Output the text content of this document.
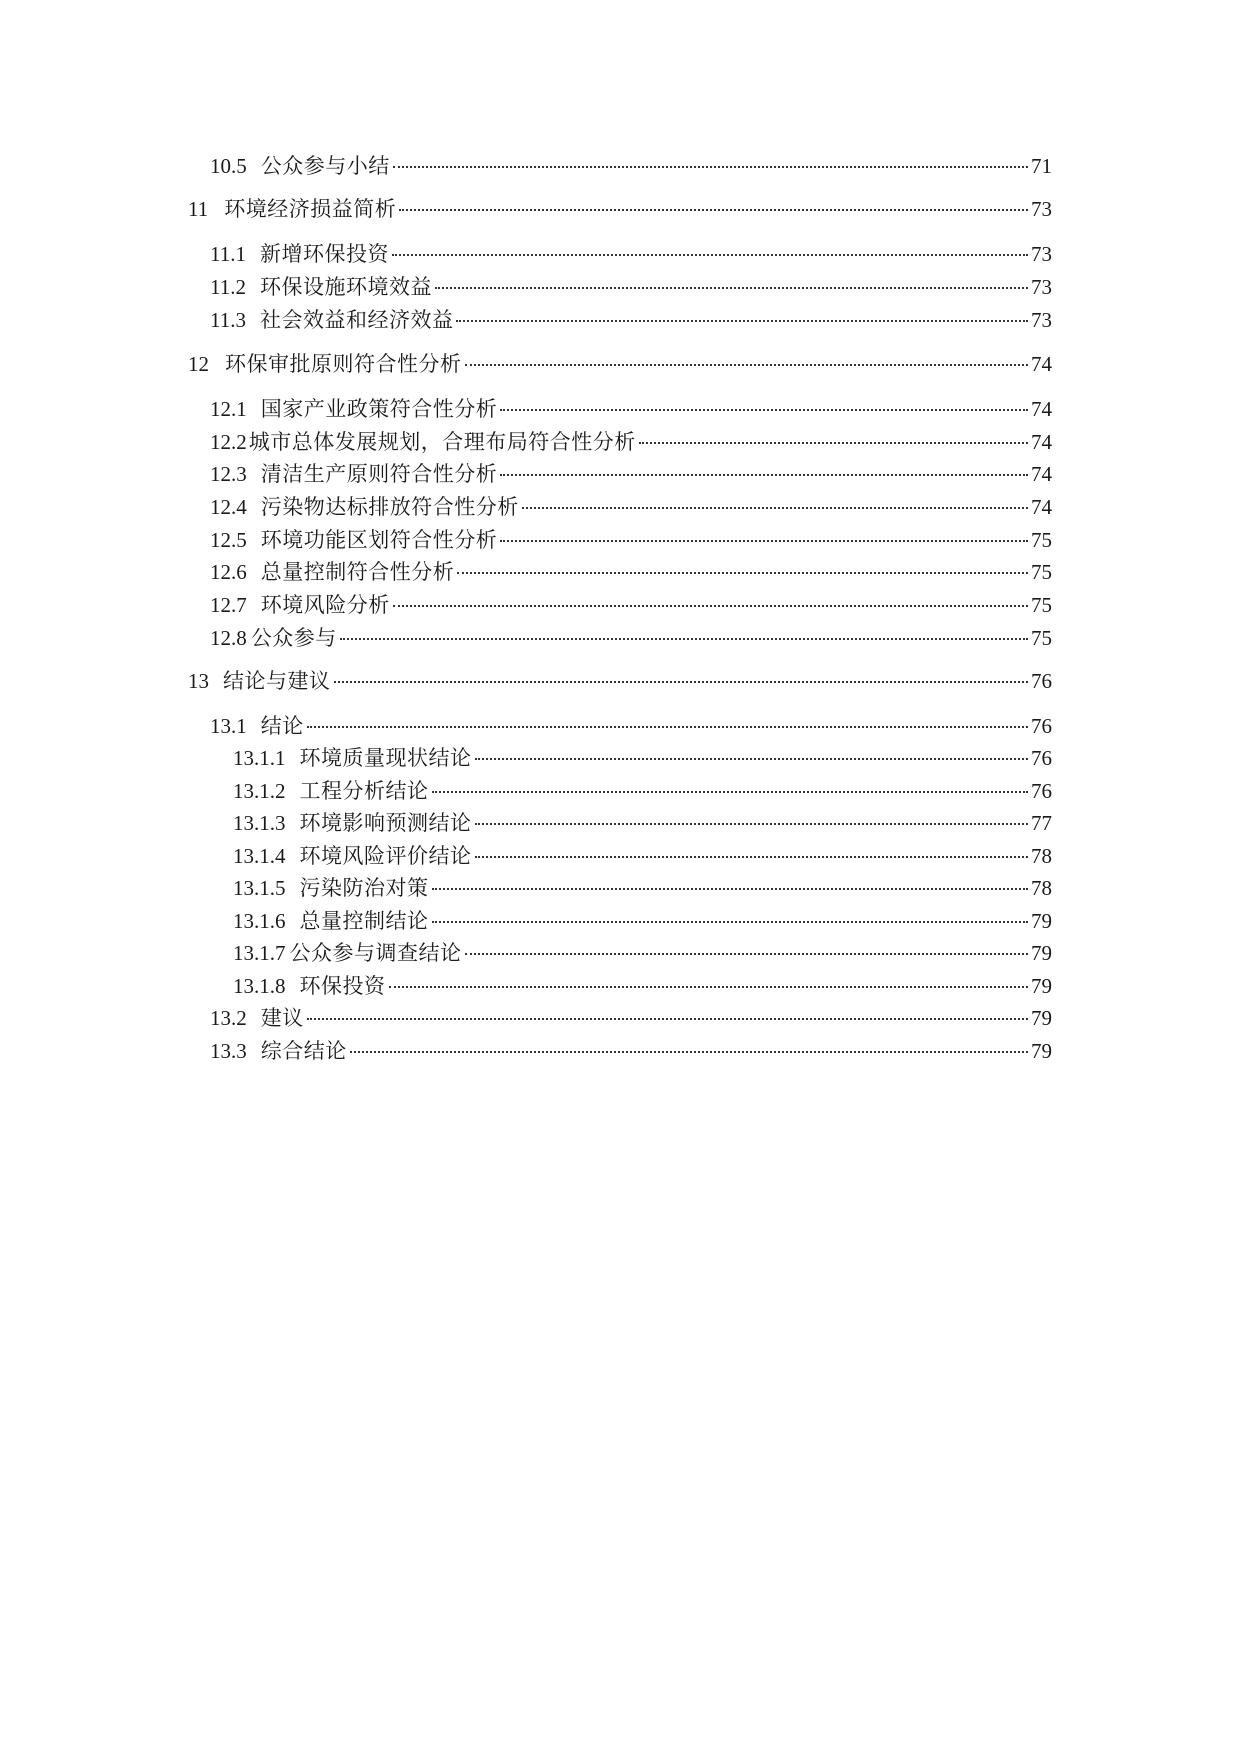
10.5 公众参与小结	71
11 环境经济损益简析	73
11.1 新增环保投资	73
11.2 环保设施环境效益	73
11.3 社会效益和经济效益	73
12 环保审批原则符合性分析	74
12.1 国家产业政策符合性分析	74
12.2 城市总体发展规划，合理布局符合性分析	74
12.3 清洁生产原则符合性分析	74
12.4 污染物达标排放符合性分析	74
12.5 环境功能区划符合性分析	75
12.6 总量控制符合性分析	75
12.7 环境风险分析	75
12.8 公众参与	75
13 结论与建议	76
13.1 结论	76
13.1.1 环境质量现状结论	76
13.1.2 工程分析结论	76
13.1.3 环境影响预测结论	77
13.1.4 环境风险评价结论	78
13.1.5 污染防治对策	78
13.1.6 总量控制结论	79
13.1.7 公众参与调查结论	79
13.1.8 环保投资	79
13.2 建议	79
13.3 综合结论	79
